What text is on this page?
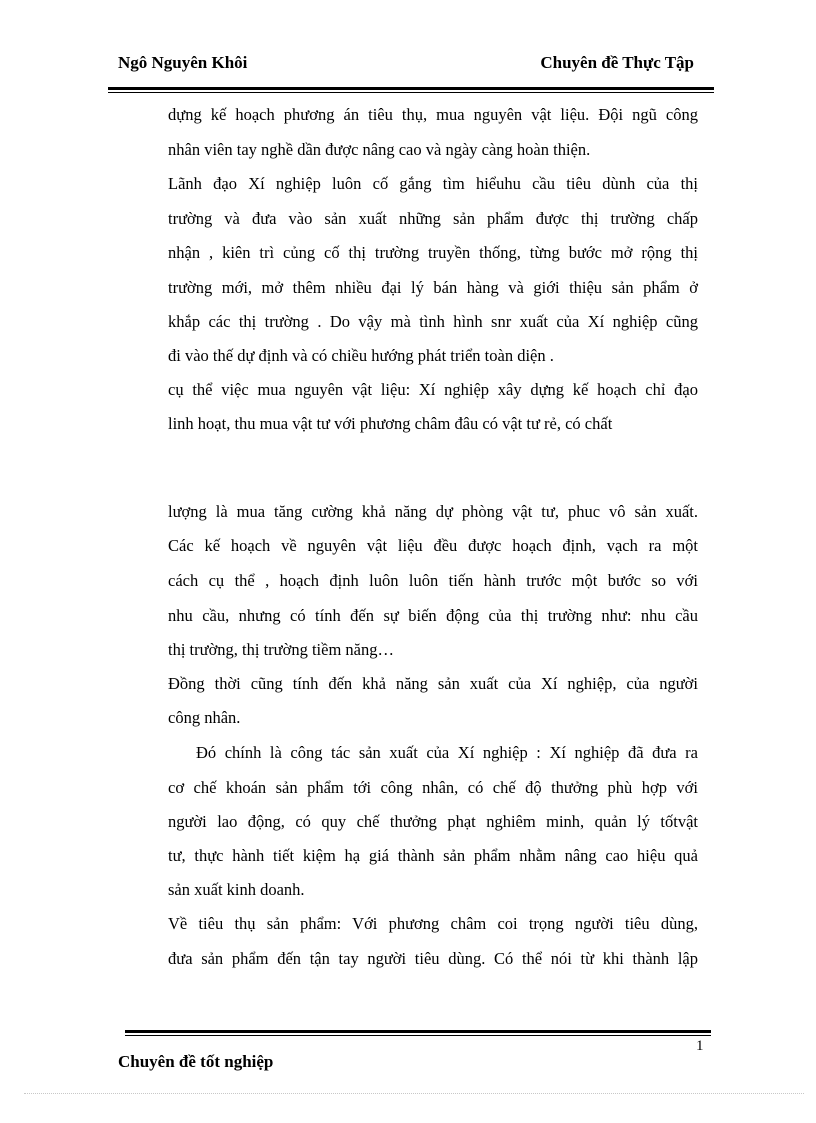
Ngô Nguyên Khôi	Chuyên đề Thực Tập
dựng kế hoạch phương án tiêu thụ, mua nguyên vật liệu. Đội ngũ công
nhân viên tay nghề dần được nâng cao và ngày càng hoàn thiện.
Lãnh đạo Xí nghiệp luôn cố gắng tìm hiểuhu cầu tiêu dùnh của thị
trường và đưa vào sản xuất những sản phẩm được thị trường chấp
nhận , kiên trì củng cố thị trường truyền thống, từng bước mở rộng thị
trường mới, mở thêm nhiều đại lý bán hàng và giới thiệu sản phẩm ở
khắp các thị trường . Do vậy mà tình hình snr xuất của Xí nghiệp cũng
đi vào thế dự định và có chiều hướng phát triển toàn diện .
cụ thể việc mua nguyên vật liệu: Xí nghiệp xây dựng kế hoạch chỉ đạo
linh hoạt, thu mua vật tư với phương châm đâu có vật tư rẻ, có chất
lượng là mua tăng cường khả năng dự phòng vật tư, phuc vô sản xuất.
Các kế hoạch về nguyên vật liệu đều được hoạch định, vạch ra một
cách cụ thể , hoạch định luôn luôn tiến hành trước một bước so với
nhu cầu, nhưng có tính đến sự biến động của thị trường như: nhu cầu
thị trường, thị trường tiềm năng…
Đồng thời cũng tính đến khả năng sản xuất của Xí nghiệp, của người
công nhân.
Đó chính là công tác sản xuất của Xí nghiệp : Xí nghiệp đã đưa ra
cơ chế khoán sản phẩm tới công nhân, có chế độ thưởng phù hợp với
người lao động, có quy chế thưởng phạt nghiêm minh, quản lý tốtvật
tư, thực hành tiết kiệm hạ giá thành sản phẩm nhằm nâng cao hiệu quả
sản xuất kinh doanh.
Về tiêu thụ sản phẩm: Với phương châm coi trọng người tiêu dùng,
đưa sản phẩm đến tận tay người tiêu dùng. Có thể nói từ khi thành lập
1
Chuyên đề tốt nghiệp
